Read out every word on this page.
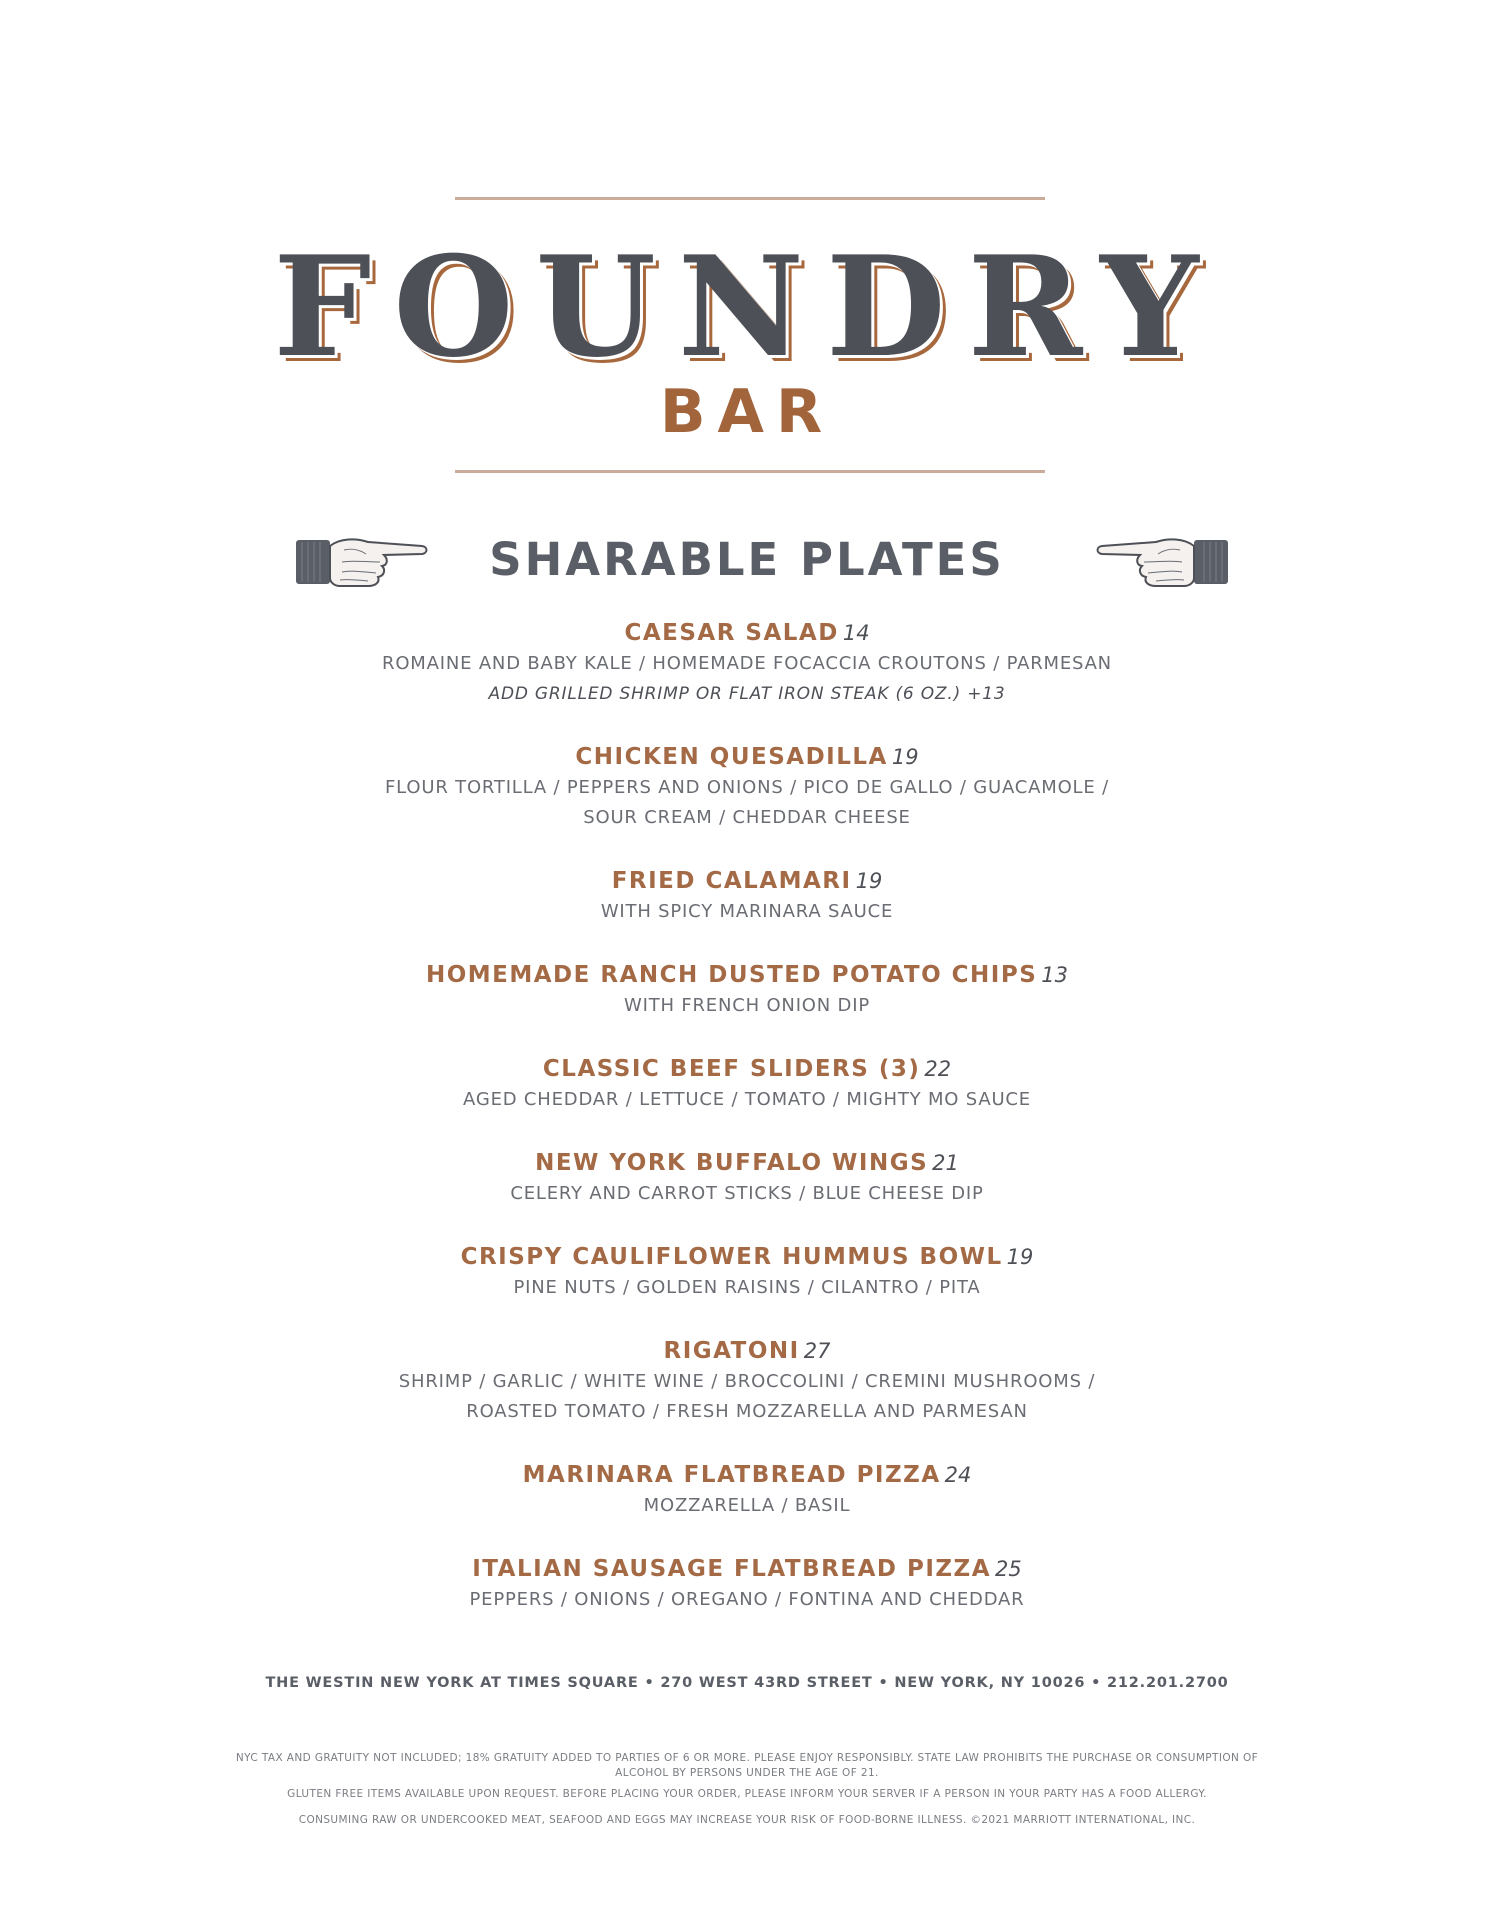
FOUNDRY
BAR
SHARABLE PLATES
CAESAR SALAD 14
ROMAINE AND BABY KALE / HOMEMADE FOCACCIA CROUTONS / PARMESAN
ADD GRILLED SHRIMP OR FLAT IRON STEAK (6 OZ.) +13
CHICKEN QUESADILLA 19
FLOUR TORTILLA / PEPPERS AND ONIONS / PICO DE GALLO / GUACAMOLE /
SOUR CREAM / CHEDDAR CHEESE
FRIED CALAMARI 19
WITH SPICY MARINARA SAUCE
HOMEMADE RANCH DUSTED POTATO CHIPS 13
WITH FRENCH ONION DIP
CLASSIC BEEF SLIDERS (3) 22
AGED CHEDDAR / LETTUCE / TOMATO / MIGHTY MO SAUCE
NEW YORK BUFFALO WINGS 21
CELERY AND CARROT STICKS / BLUE CHEESE DIP
CRISPY CAULIFLOWER HUMMUS BOWL 19
PINE NUTS / GOLDEN RAISINS / CILANTRO / PITA
RIGATONI 27
SHRIMP / GARLIC / WHITE WINE / BROCCOLINI / CREMINI MUSHROOMS /
ROASTED TOMATO / FRESH MOZZARELLA AND PARMESAN
MARINARA FLATBREAD PIZZA 24
MOZZARELLA / BASIL
ITALIAN SAUSAGE FLATBREAD PIZZA 25
PEPPERS / ONIONS / OREGANO / FONTINA AND CHEDDAR
THE WESTIN NEW YORK AT TIMES SQUARE • 270 WEST 43RD STREET • NEW YORK, NY 10026 • 212.201.2700
NYC TAX AND GRATUITY NOT INCLUDED; 18% GRATUITY ADDED TO PARTIES OF 6 OR MORE. PLEASE ENJOY RESPONSIBLY. STATE LAW PROHIBITS THE PURCHASE OR CONSUMPTION OF ALCOHOL BY PERSONS UNDER THE AGE OF 21.
GLUTEN FREE ITEMS AVAILABLE UPON REQUEST. BEFORE PLACING YOUR ORDER, PLEASE INFORM YOUR SERVER IF A PERSON IN YOUR PARTY HAS A FOOD ALLERGY.
CONSUMING RAW OR UNDERCOOKED MEAT, SEAFOOD AND EGGS MAY INCREASE YOUR RISK OF FOOD-BORNE ILLNESS. ©2021 MARRIOTT INTERNATIONAL, INC.
